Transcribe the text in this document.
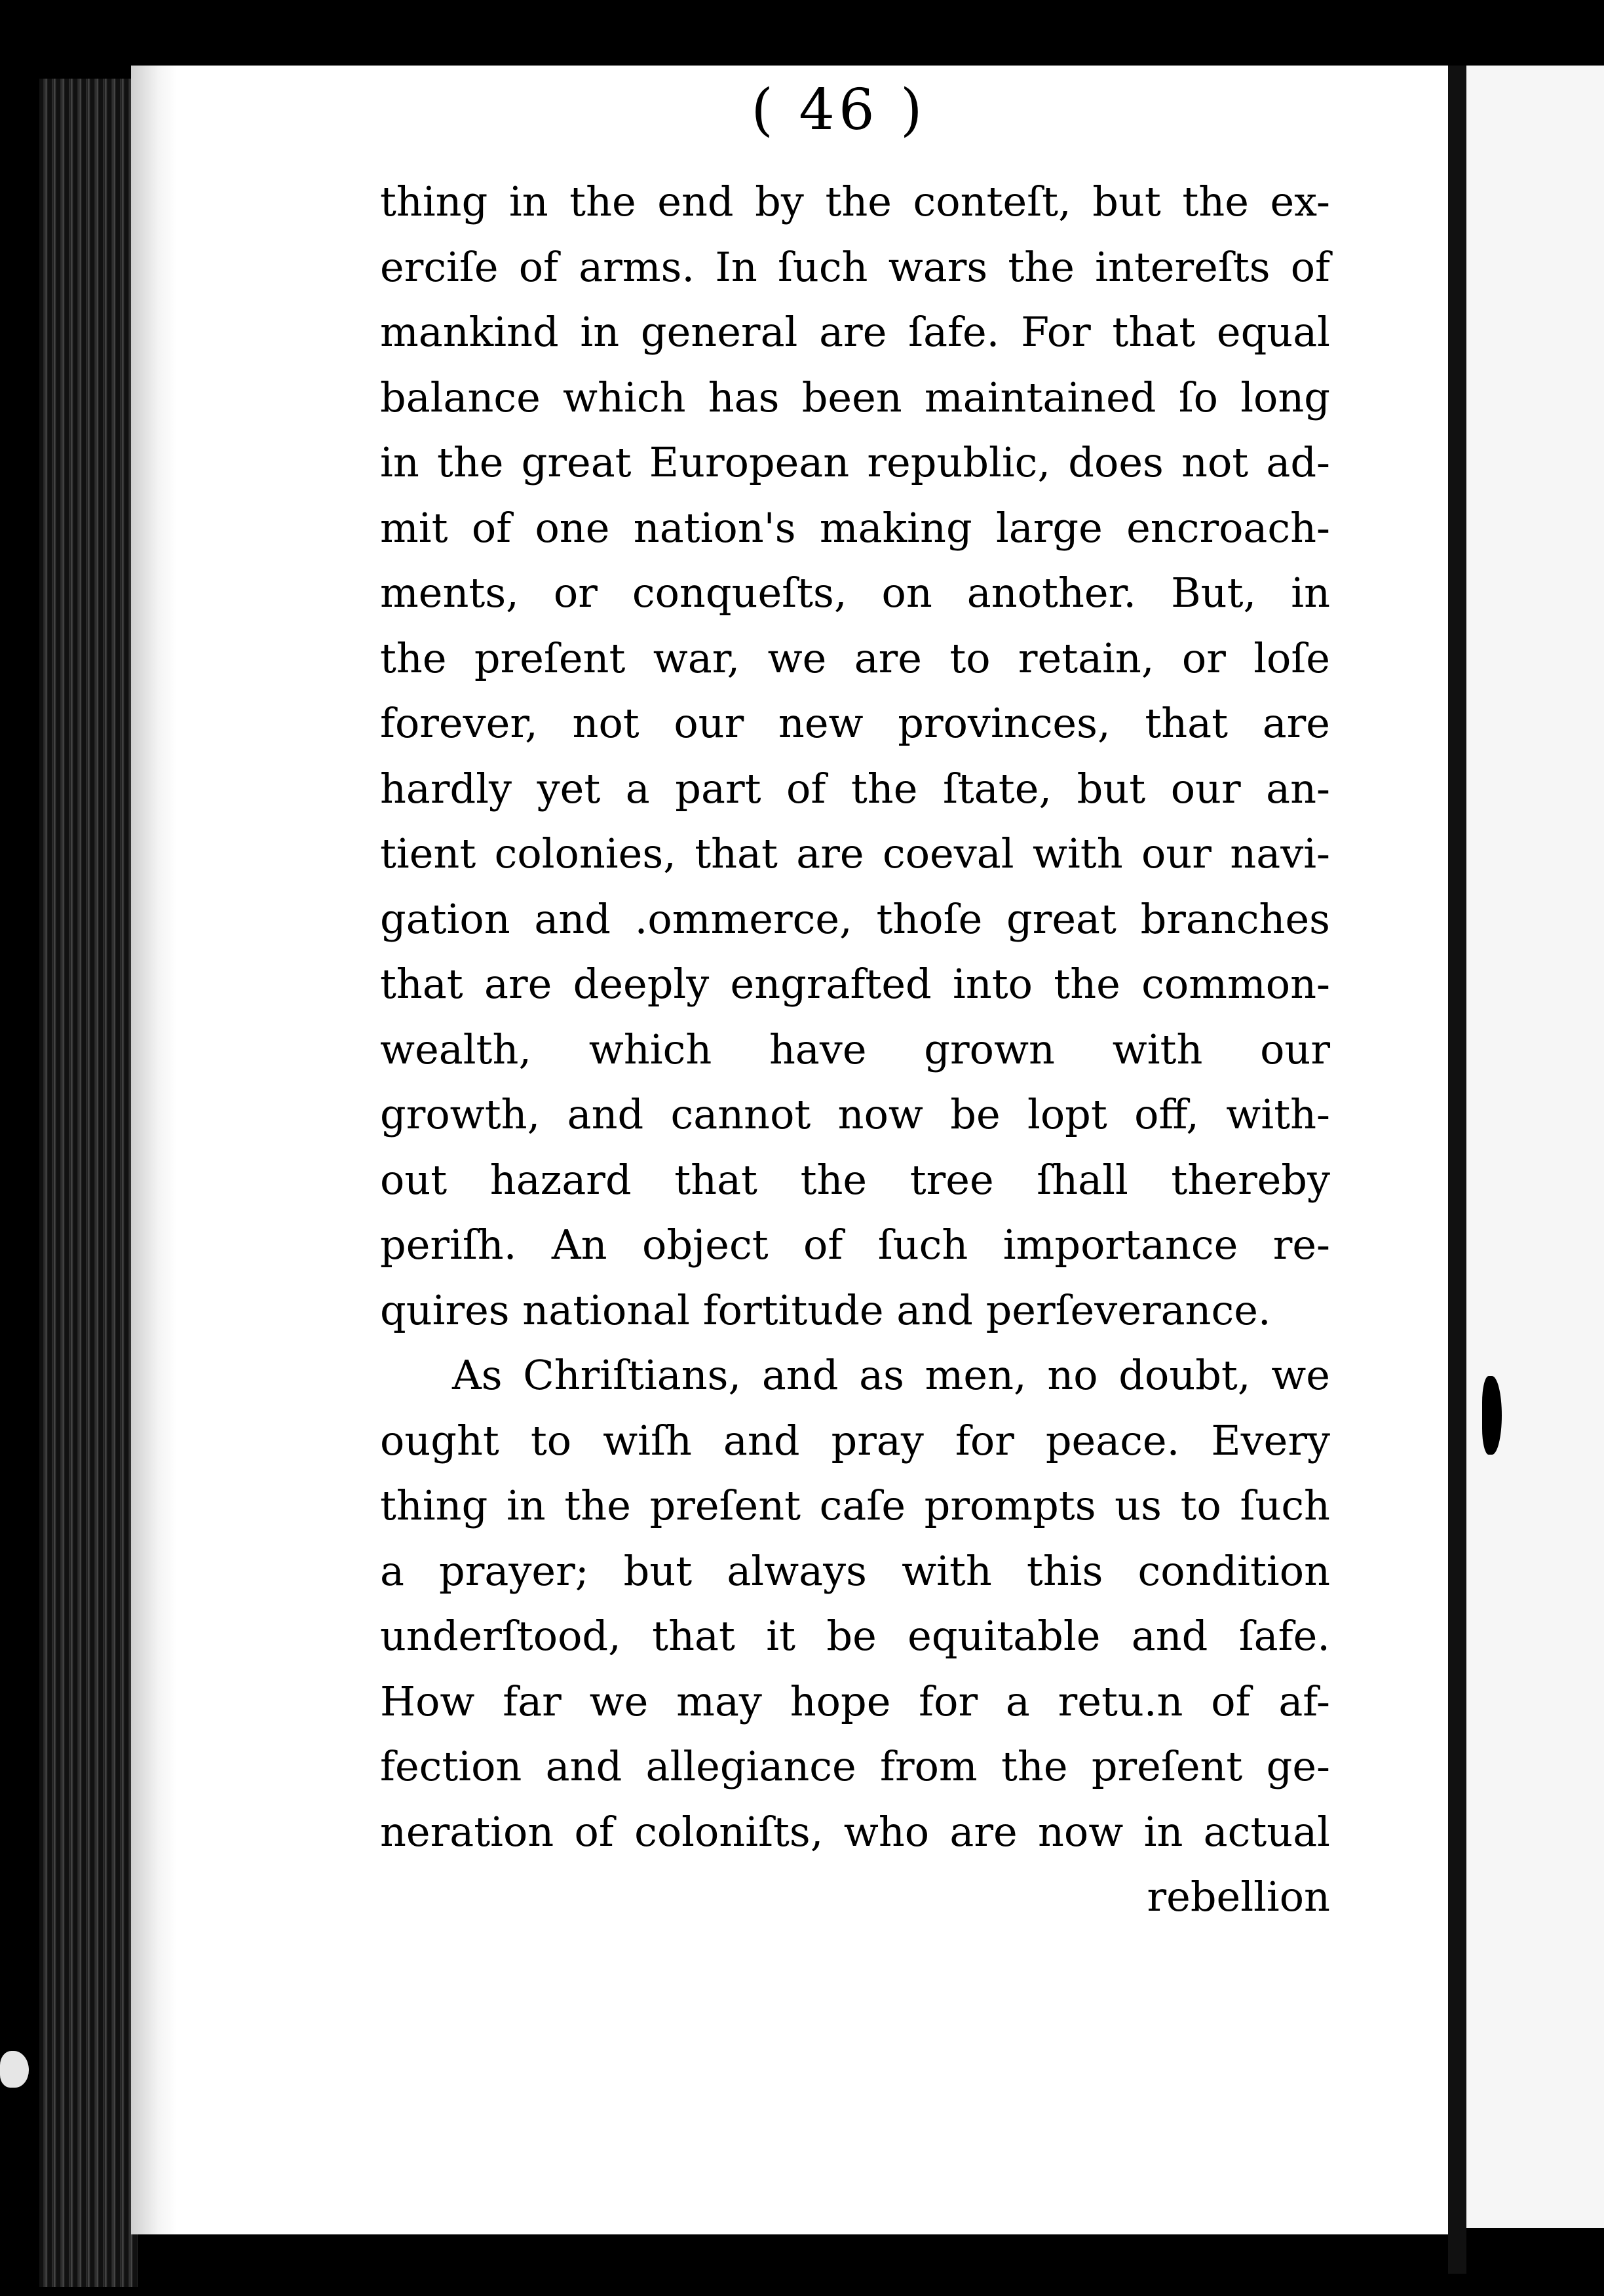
( 46 )
thing in the end by the conteſt, but the ex-
erciſe of arms. In ſuch wars the intereſts of
mankind in general are ſafe. For that equal
balance which has been maintained ſo long
in the great European republic, does not ad-
mit of one nation's making large encroach-
ments, or conqueſts, on another. But, in
the preſent war, we are to retain, or loſe
forever, not our new provinces, that are
hardly yet a part of the ſtate, but our an-
tient colonies, that are coeval with our navi-
gation and .ommerce, thoſe great branches
that are deeply engrafted into the common-
wealth, which have grown with our
growth, and cannot now be lopt off, with-
out hazard that the tree ſhall thereby
periſh. An object of ſuch importance re-
quires national fortitude and perſeverance.
As Chriſtians, and as men, no doubt, we
ought to wiſh and pray for peace. Every
thing in the preſent caſe prompts us to ſuch
a prayer; but always with this condition
underſtood, that it be equitable and ſafe.
How far we may hope for a retu.n of af-
fection and allegiance from the preſent ge-
neration of coloniſts, who are now in actual
rebellion
